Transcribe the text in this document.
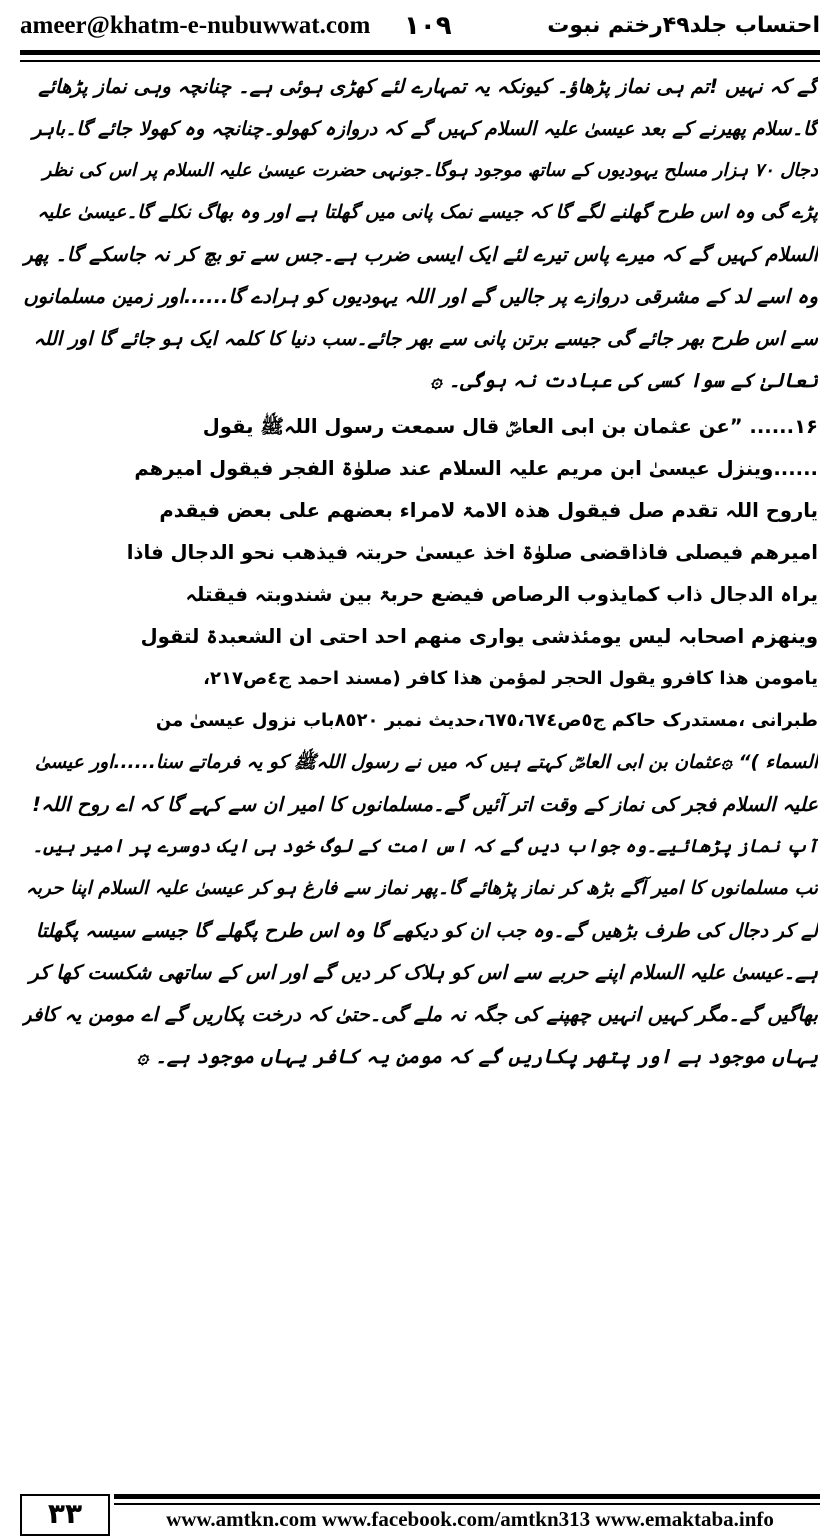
ameer@khatm-e-nubuwwat.com ١٠٩	احتساب جلد۴۹رختم نبوت
گے کہ نہیں !تم ہی نماز پڑھاؤ۔ کیونکہ یہ تمہارے لئے کھڑی ہوئی ہے۔ چنانچہ وہی نماز پڑھائے
گا۔سلام پھیرنے کے بعد عیسیٰ علیہ السلام کہیں گے کہ دروازہ کھولو۔چنانچہ وہ کھولا جائے گا۔باہر
دجال ۷۰ ہزار مسلح یہودیوں کے ساتھ موجود ہوگا۔جونہی حضرت عیسیٰ علیہ السلام پر اس کی نظر
پڑے گی وہ اس طرح گھلنے لگے گا کہ جیسے نمک پانی میں گھلتا ہے اور وہ بھاگ نکلے گا۔عیسیٰ علیہ
السلام کہیں گے کہ میرے پاس تیرے لئے ایک ایسی ضرب ہے۔جس سے تو بچ کر نہ جاسکے گا۔ پھر
وہ اسے لد کے مشرقی دروازے پر جالیں گے اور اللہ یہودیوں کو ہرادے گا......اور زمین مسلمانوں
سے اس طرح بھر جائے گی جیسے برتن پانی سے بھر جائے۔سب دنیا کا کلمہ ایک ہو جائے گا اور اللہ
تعالیٰ کے سوا کسی کی عبادت نہ ہوگی۔ ۞
۱۶...... ”عن عثمان بن ابی العاصؓ قال سمعت رسول اللہﷺ یقول
......وینزل عیسیٰ ابن مریم علیہ السلام عند صلوٰۃ الفجر فیقول امیرھم
یاروح اللہ تقدم صل فیقول ھذہ الامۃ لامراء بعضھم علی بعض فیقدم
امیرھم فیصلی فاذاقضی صلوٰۃ اخذ عیسیٰ حربتہ فیذھب نحو الدجال فاذا
یراہ الدجال ذاب کمایذوب الرصاص فیضع حربۃ بین شندوبتہ فیقتلہ
وینھزم اصحابہ لیس یومئذشی یواری منھم احد احتی ان الشعبدۃ لتقول
یامومن ھذا کافرو یقول الحجر لمؤمن ھذا کافر (مسند احمد ج٤ص٢١٧،
طبرانی ،مستدرک حاکم ج٥ص٦٧٥،٦٧٤،حدیث نمبر ٨٥٢٠باب نزول عیسیٰ من
السماء )“ ۞عثمان بن ابی العاصؓ کہتے ہیں کہ میں نے رسول اللہﷺ کو یہ فرماتے سنا......اور عیسیٰ
علیہ السلام فجر کی نماز کے وقت اتر آئیں گے۔مسلمانوں کا امیر ان سے کہے گا کہ اے روح اللہ!
آپ نماز پڑھائیے۔وہ جواب دیں گے کہ اس امت کے لوگ خود ہی ایک دوسرے پر امیر ہیں۔
تب مسلمانوں کا امیر آگے بڑھ کر نماز پڑھائے گا۔پھر نماز سے فارغ ہو کر عیسیٰ علیہ السلام اپنا حربہ
لے کر دجال کی طرف بڑھیں گے۔وہ جب ان کو دیکھے گا وہ اس طرح پگھلے گا جیسے سیسہ پگھلتا
ہے۔عیسیٰ علیہ السلام اپنے حربے سے اس کو ہلاک کر دیں گے اور اس کے ساتھی شکست کھا کر
بھاگیں گے۔مگر کہیں انہیں چھپنے کی جگہ نہ ملے گی۔حتیٰ کہ درخت پکاریں گے اے مومن یہ کافر
یہاں موجود ہے اور پتھر پکاریں گے کہ مومن یہ کافر یہاں موجود ہے۔ ۞
٣٣	www.amtkn.com www.facebook.com/amtkn313 www.emaktaba.info
